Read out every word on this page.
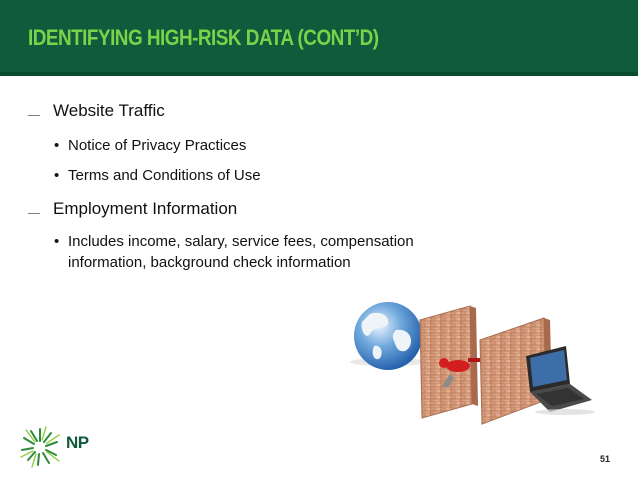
IDENTIFYING HIGH-RISK DATA (CONT’D)
Website Traffic
• Notice of Privacy Practices
• Terms and Conditions of Use
Employment Information
• Includes income, salary, service fees, compensation
information, background check information
NP
51
